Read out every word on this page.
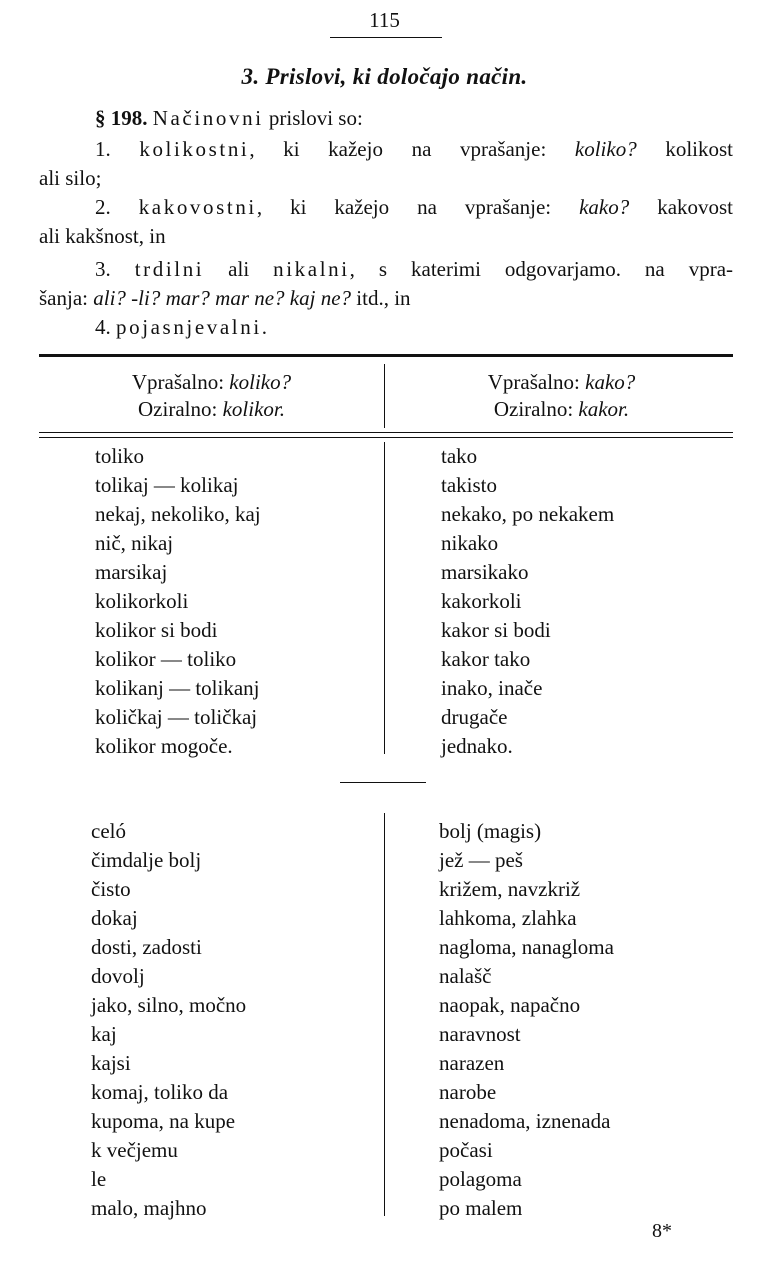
115
3. Prislovi, ki določajo način.
§ 198. Načinovni prislovi so:
1. kolikostni, ki kažejo na vprašanje: koliko? kolikost
ali silo;
2. kakovostni, ki kažejo na vprašanje: kako? kakovost
ali kakšnost, in
3. trdilni ali nikalni, s katerimi odgovarjamo. na vpra-
šanja: ali? -li? mar? mar ne? kaj ne? itd., in
4. pojasnjevalni.
Vprašalno: koliko?
Oziralno: kolikor.
Vprašalno: kako?
Oziralno: kakor.

toliko

tolikaj — kolikaj

nekaj, nekoliko, kaj

nič, nikaj

marsikaj

kolikorkoli

kolikor si bodi

kolikor — toliko

kolikanj — tolikanj

količkaj — toličkaj

kolikor mogoče.

tako

takisto

nekako, po nekakem

nikako

marsikako

kakorkoli

kakor si bodi

kakor tako

inako, inače

drugače

jednako.

celó

čimdalje bolj

čisto

dokaj

dosti, zadosti

dovolj

jako, silno, močno

kaj

kajsi

komaj, toliko da

kupoma, na kupe

k večjemu

le

malo, majhno

bolj (magis)

jež — peš

križem, navzkriž

lahkoma, zlahka

nagloma, nanagloma

nalašč

naopak, napačno

naravnost

narazen

narobe

nenadoma, iznenada

počasi

polagoma

po malem

8*
